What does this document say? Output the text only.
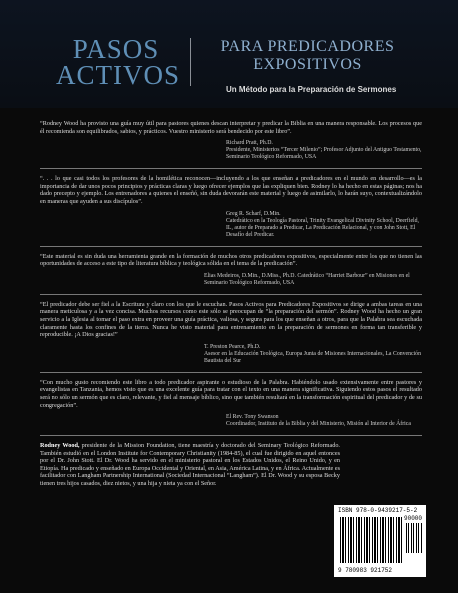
PASOS
ACTIVOS
PARA PREDICADORES
EXPOSITIVOS
Un Método para la Preparación de Sermones

“Rodney Wood ha provisto una guía muy útil para pastores quienes descan interpretar y predicar la Biblia en una manera responsable. Los procesos que él recomienda son equilibrados, sabios, y prácticos. Vuestro ministerio será bendecido por este libro”.

Richard Pratt, Ph.D.
Presidente, Ministerios “Tercer Milenio”; Profesor Adjunto del Antiguo Testamento, Seminario Teológico Reformado, USA

“. . . lo que casi todos los profesores de la homilética reconocen—incluyendo a los que enseñan a predicadores en el mundo en desarrollo—es la importancia de dar unos pocos principios y prácticas claras y luego ofrecer ejemplos que las expliquen bien. Rodney lo ha hecho en estas páginas; nos ha dado precepto y ejemplo. Los entrenadores a quienes el enseñó, sin duda devorarán este material y luego de asimilarlo, lo harán suyo, contextualizándolo en maneras que ayuden a sus discípulos”.

Greg R. Scharf, D.Min.
Catedrático en la Teología Pastoral, Trinity Evangelical Divinity School, Deerfield, IL, autor de Preparado a Predicar, La Predicación Relacional, y con John Stott, El Desafío del Predicar.

“Este material es sin duda una herramienta grande en la formación de muchos otros predicadores expositivos, especialmente entre los que no tienen las oportunidades de acceso a este tipo de literatura bíblica y teológica sólida en el tema de la predicación”.

Elias Medeiros, D.Min., D.Miss., Ph.D. Catedrático “Harriet Barbour” en Misiones en el Seminario Teológico Reformado, USA

“El predicador debe ser fiel a la Escritura y claro con los que le escuchan. Pasos Activos para Predicadores Expositivos se dirige a ambas tareas en una manera meticulosa y a la vez concisa. Muchos recursos como este sólo se preocupan de “la preparación del sermón”. Rodney Wood ha hecho un gran servicio a la Iglesia al tomar el paso extra en proveer una guía práctica, valiosa, y segura para los que enseñan a otros, para que la Palabra sea escuchada claramente hasta los confines de la tierra. Nunca he visto material para entrenamiento en la preparación de sermones en forma tan transferible y reproducible. ¡A Dios gracias!”

T. Preston Pearce, Ph.D.
Asesor en la Educación Teológica, Europa Junta de Misiones Internacionales, La Convención Bautista del Sur

“Con mucho gusto recomiendo este libro a todo predicador aspirante o estudioso de la Palabra. Habiéndolo usado extensivamente entre pastores y evangelistas en Tanzania, hemos visto que es una excelente guía para tratar con el texto en una manera significativa. Siguiendo estos pasos el resultado será no sólo un sermón que es claro, relevante, y fiel al mensaje bíblico, sino que también resultará en la transformación espiritual del predicador y de su congregación”.

El Rev. Tony Swanson
Coordinador, Instituto de la Biblia y del Ministerio, Misión al Interior de África

Rodney Wood, presidente de la Mission Foundation, tiene maestría y doctorado del Seminary Teológico Reformado. También estudió en el London Institute for Contemporary Christianity (1984-85), el cual fue dirigido en aquel entonces por el Dr. John Stott. El Dr. Wood ha servido en el ministerio pastoral en los Estados Unidos, el Reino Unido, y en Etiopía. Ha predicado y enseñado en Europa Occidental y Oriental, en Asia, América Latina, y en África. Actualmente es facilitador con Langham Partnership International (Sociedad Internacional “Langham”). El Dr. Wood y su esposa Becky tienen tres hijos casados, diez nietos, y una hija y nieta ya con el Señor.

ISBN 978-0-9439217-5-2
90000
9 780983 921752
